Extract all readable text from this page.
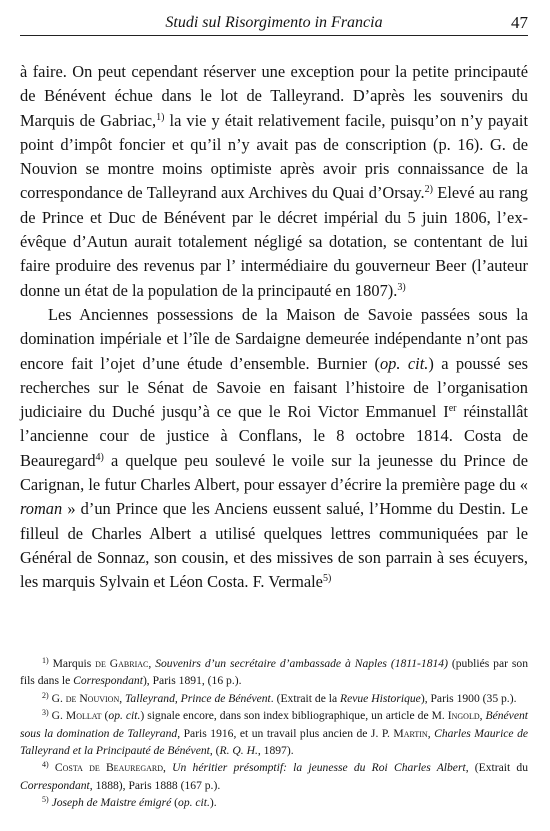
Studi sul Risorgimento in Francia	47

à faire. On peut cependant réserver une exception pour la petite principauté de Bénévent échue dans le lot de Talleyrand. D’après les souvenirs du Marquis de Gabriac,$^{1)}$ la vie y était relativement facile, puisqu’on n’y payait point d’impôt foncier et qu’il n’y avait pas de conscription (p. 16). G. de Nouvion se montre moins optimiste après avoir pris connaissance de la correspondance de Talleyrand aux Archives du Quai d’Orsay.$^{2)}$ Elevé au rang de Prince et Duc de Bénévent par le décret impérial du 5 juin 1806, l’ex-évêque d’Autun aurait totalement négligé sa dotation, se contentant de lui faire produire des revenus par l’ intermédiaire du gouverneur Beer (l’auteur donne un état de la population de la principauté en 1807).$^{3)}$

Les Anciennes possessions de la Maison de Savoie passées sous la domination impériale et l’île de Sardaigne demeurée indépendante n’ont pas encore fait l’ojet d’une étude d’ensemble. Burnier (op. cit.) a poussé ses recherches sur le Sénat de Savoie en faisant l’histoire de l’organisation judiciaire du Duché jusqu’à ce que le Roi Victor Emmanuel Ier réinstallât l’ancienne cour de justice à Conflans, le 8 octobre 1814. Costa de Beauregard$^{4)}$ a quelque peu soulevé le voile sur la jeunesse du Prince de Carignan, le futur Charles Albert, pour essayer d’écrire la première page du « roman » d’un Prince que les Anciens eussent salué, l’Homme du Destin. Le filleul de Charles Albert a utilisé quelques lettres communiquées par le Général de Sonnaz, son cousin, et des missives de son parrain à ses écuyers, les marquis Sylvain et Léon Costa. F. Vermale$^{5)}$

$^{1)}$ Marquis de Gabriac, Souvenirs d’un secrétaire d’ambassade à Naples (1811-1814) (publiés par son fils dans le Correspondant), Paris 1891, (16 p.).

$^{2)}$ G. de Nouvion, Talleyrand, Prince de Bénévent. (Extrait de la Revue Historique), Paris 1900 (35 p.).

$^{3)}$ G. Mollat (op. cit.) signale encore, dans son index bibliographique, un article de M. Ingold, Bénévent sous la domination de Talleyrand, Paris 1916, et un travail plus ancien de J. P. Martin, Charles Maurice de Talleyrand et la Principauté de Bénévent, (R. Q. H., 1897).

$^{4)}$ Costa de Beauregard, Un héritier présomptif: la jeunesse du Roi Charles Albert, (Extrait du Correspondant, 1888), Paris 1888 (167 p.).

$^{5)}$ Joseph de Maistre émigré (op. cit.).
